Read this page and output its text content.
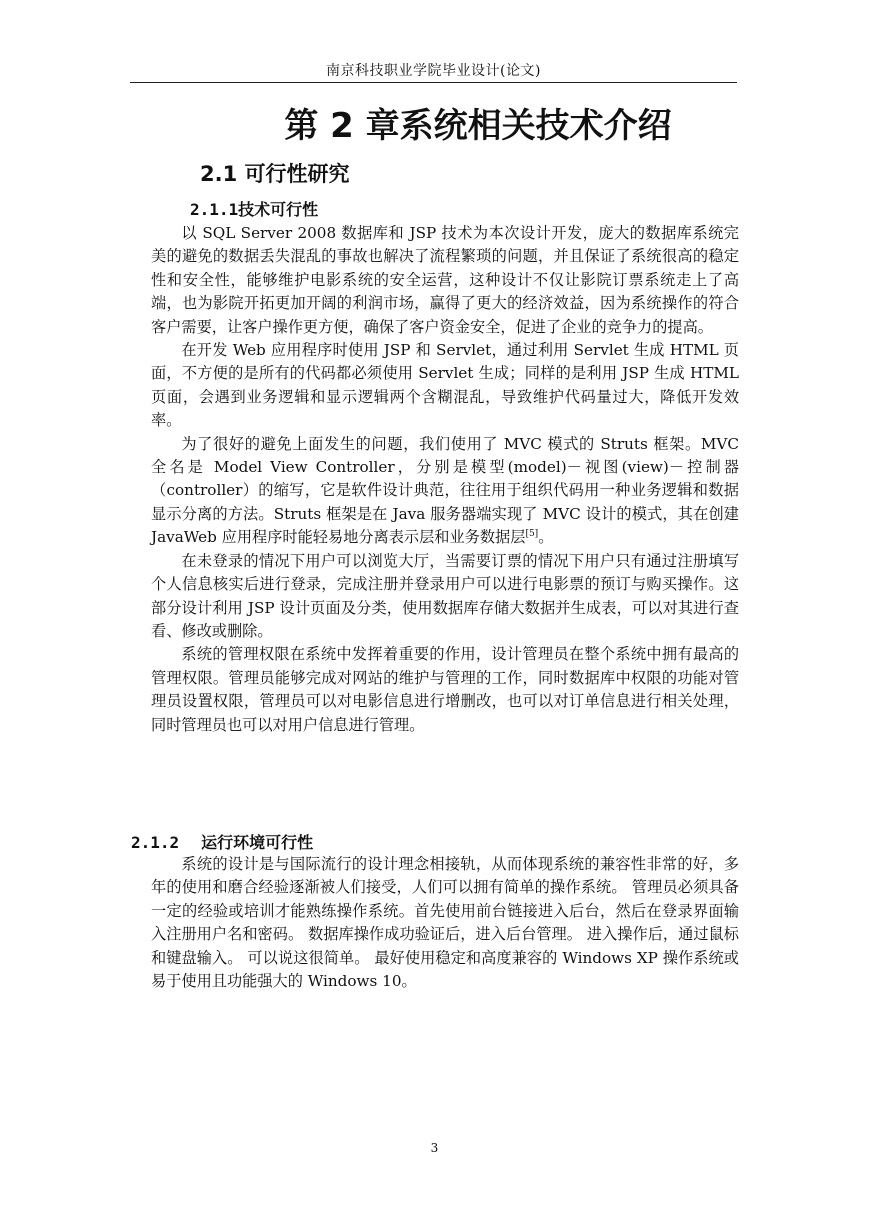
南京科技职业学院毕业设计(论文)
第 2 章系统相关技术介绍
2.1 可行性研究
2.1.1技术可行性

以 SQL Server 2008 数据库和 JSP 技术为本次设计开发，庞大的数据库系统完美的避免的数据丢失混乱的事故也解决了流程繁琐的问题，并且保证了系统很高的稳定性和安全性，能够维护电影系统的安全运营，这种设计不仅让影院订票系统走上了高端，也为影院开拓更加开阔的利润市场，赢得了更大的经济效益，因为系统操作的符合客户需要，让客户操作更方便，确保了客户资金安全，促进了企业的竞争力的提高。

在开发 Web 应用程序时使用 JSP 和 Servlet，通过利用 Servlet 生成 HTML 页面，不方便的是所有的代码都必须使用 Servlet 生成；同样的是利用 JSP 生成 HTML 页面，会遇到业务逻辑和显示逻辑两个含糊混乱，导致维护代码量过大，降低开发效率。

为了很好的避免上面发生的问题，我们使用了 MVC 模式的 Struts 框架。MVC 全名是 Model View Controller，分别是模型(model)－视图(view)－控制器（controller）的缩写，它是软件设计典范，往往用于组织代码用一种业务逻辑和数据显示分离的方法。Struts 框架是在 Java 服务器端实现了 MVC 设计的模式，其在创建 JavaWeb 应用程序时能轻易地分离表示层和业务数据层[5]。

在未登录的情况下用户可以浏览大厅，当需要订票的情况下用户只有通过注册填写个人信息核实后进行登录，完成注册并登录用户可以进行电影票的预订与购买操作。这部分设计利用 JSP 设计页面及分类，使用数据库存储大数据并生成表，可以对其进行查看、修改或删除。

系统的管理权限在系统中发挥着重要的作用，设计管理员在整个系统中拥有最高的管理权限。管理员能够完成对网站的维护与管理的工作，同时数据库中权限的功能对管理员设置权限，管理员可以对电影信息进行增删改，也可以对订单信息进行相关处理，同时管理员也可以对用户信息进行管理。

2.1.2 运行环境可行性

系统的设计是与国际流行的设计理念相接轨，从而体现系统的兼容性非常的好，多年的使用和磨合经验逐渐被人们接受，人们可以拥有简单的操作系统。 管理员必须具备一定的经验或培训才能熟练操作系统。首先使用前台链接进入后台，然后在登录界面输入注册用户名和密码。 数据库操作成功验证后，进入后台管理。 进入操作后，通过鼠标和键盘输入。 可以说这很简单。 最好使用稳定和高度兼容的 Windows XP 操作系统或易于使用且功能强大的 Windows 10。

3
